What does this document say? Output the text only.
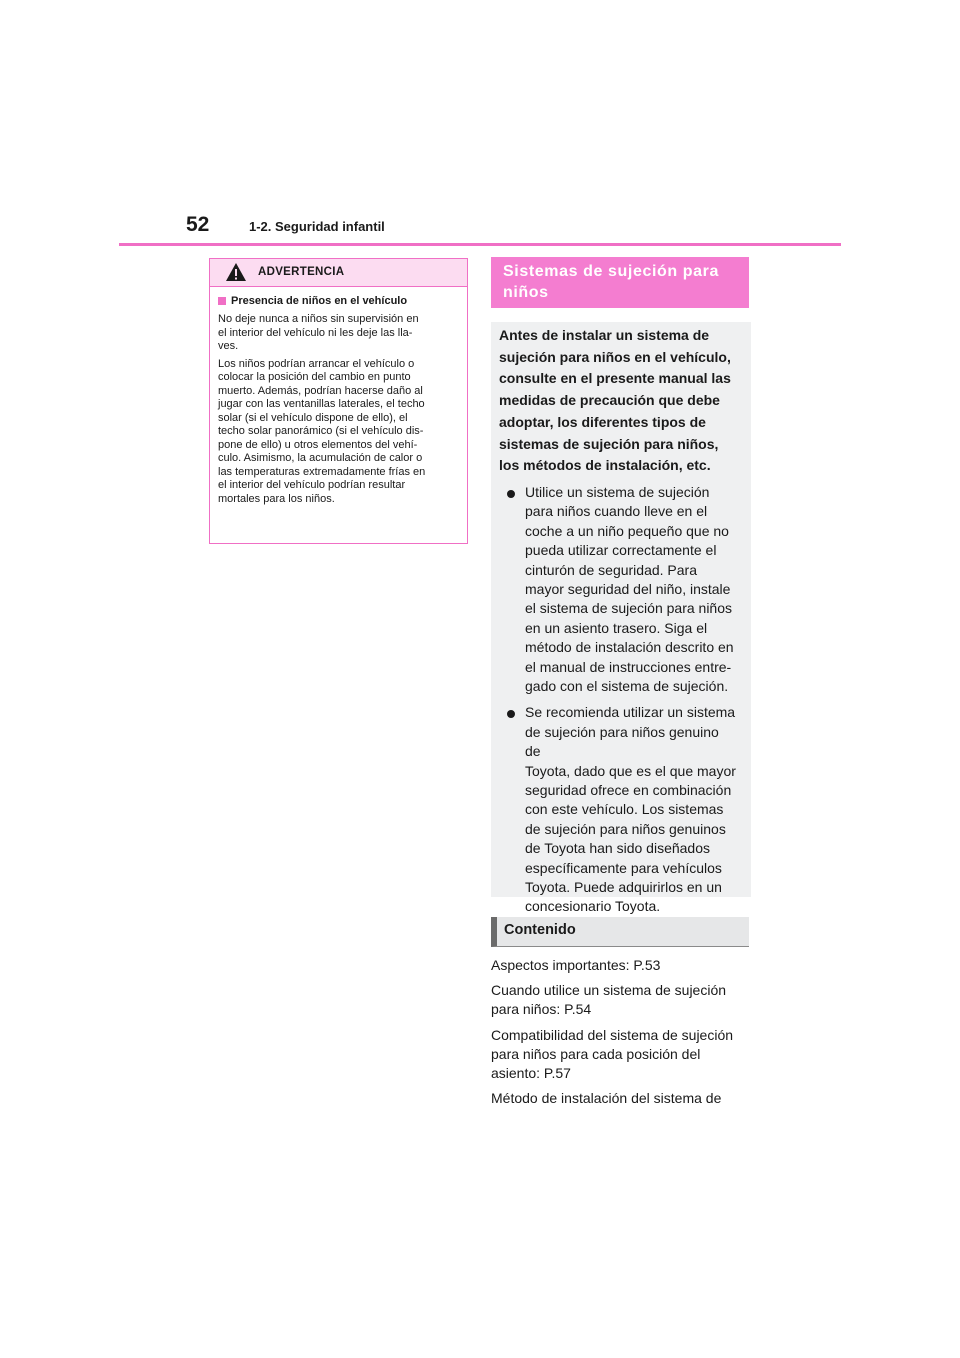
52	1-2. Seguridad infantil
ADVERTENCIA
Presencia de niños en el vehículo

No deje nunca a niños sin supervisión en
el interior del vehículo ni les deje las lla-
ves.

Los niños podrían arrancar el vehículo o
colocar la posición del cambio en punto
muerto. Además, podrían hacerse daño al
jugar con las ventanillas laterales, el techo
solar (si el vehículo dispone de ello), el
techo solar panorámico (si el vehículo dis-
pone de ello) u otros elementos del vehí-
culo. Asimismo, la acumulación de calor o
las temperaturas extremadamente frías en
el interior del vehículo podrían resultar
mortales para los niños.

Sistemas de sujeción para
niños

Antes de instalar un sistema de
sujeción para niños en el vehículo,
consulte en el presente manual las
medidas de precaución que debe
adoptar, los diferentes tipos de
sistemas de sujeción para niños,
los métodos de instalación, etc.

Utilice un sistema de sujeción
para niños cuando lleve en el
coche a un niño pequeño que no
pueda utilizar correctamente el
cinturón de seguridad. Para
mayor seguridad del niño, instale
el sistema de sujeción para niños
en un asiento trasero. Siga el
método de instalación descrito en
el manual de instrucciones entre-
gado con el sistema de sujeción.
Se recomienda utilizar un sistema
de sujeción para niños genuino de
Toyota, dado que es el que mayor
seguridad ofrece en combinación
con este vehículo. Los sistemas
de sujeción para niños genuinos
de Toyota han sido diseñados
específicamente para vehículos
Toyota. Puede adquirirlos en un
concesionario Toyota.
Contenido
Aspectos importantes: P.53
Cuando utilice un sistema de sujeción
para niños: P.54
Compatibilidad del sistema de sujeción
para niños para cada posición del
asiento: P.57
Método de instalación del sistema de
